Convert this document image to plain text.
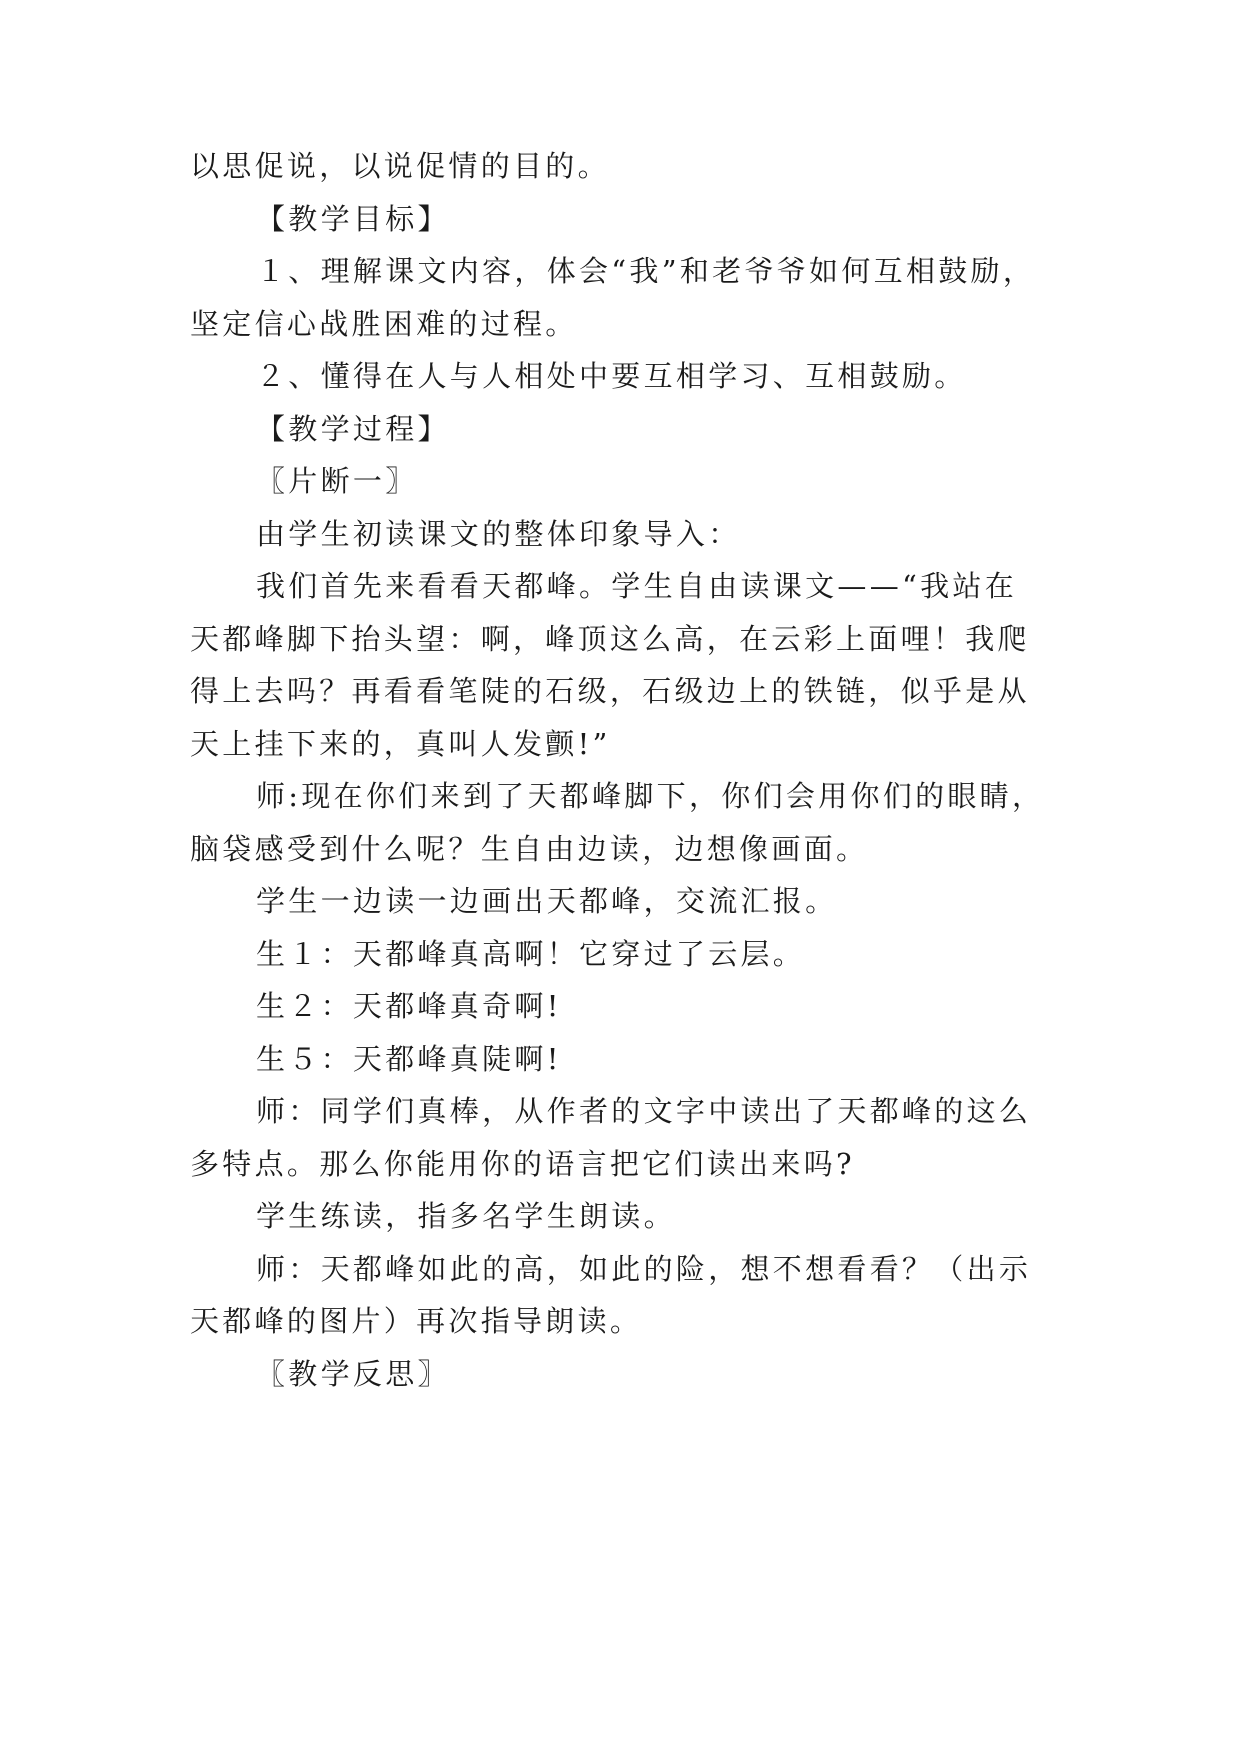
以思促说，以说促情的目的。
【教学目标】
１、理解课文内容，体会“我”和老爷爷如何互相鼓励，
坚定信心战胜困难的过程。
２、懂得在人与人相处中要互相学习、互相鼓励。
【教学过程】
〖片断一〗
由学生初读课文的整体印象导入：
我们首先来看看天都峰。学生自由读课文——“我站在
天都峰脚下抬头望：啊，峰顶这么高，在云彩上面哩！我爬
得上去吗？再看看笔陡的石级，石级边上的铁链，似乎是从
天上挂下来的，真叫人发颤!”
师:现在你们来到了天都峰脚下，你们会用你们的眼睛，
脑袋感受到什么呢？生自由边读，边想像画面。
学生一边读一边画出天都峰，交流汇报。
生１：天都峰真高啊！它穿过了云层。
生２：天都峰真奇啊!
生５：天都峰真陡啊!
师：同学们真棒，从作者的文字中读出了天都峰的这么
多特点。那么你能用你的语言把它们读出来吗?
学生练读，指多名学生朗读。
师：天都峰如此的高，如此的险，想不想看看？（出示
天都峰的图片）再次指导朗读。
〖教学反思〗
